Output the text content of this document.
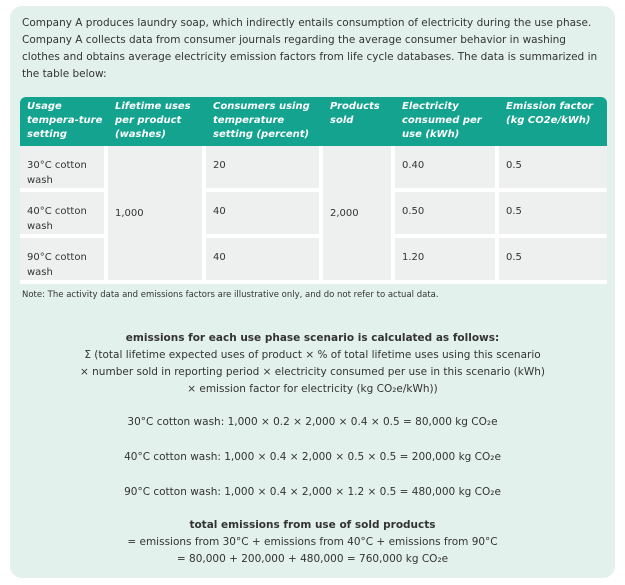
Company A produces laundry soap, which indirectly entails consumption of electricity during the use phase. Company A collects data from consumer journals regarding the average consumer behavior in washing clothes and obtains average electricity emission factors from life cycle databases. The data is summarized in the table below:

Usage tempera-ture setting	Lifetime uses per product (washes)	Consumers using temperature setting (percent)	Products sold	Electricity consumed per use (kWh)	Emission factor (kg CO2e/kWh)
30°C cotton wash	1,000	20	2,000	0.40	0.5
40°C cotton wash		40		0.50	0.5
90°C cotton wash		40		1.20	0.5
Note: The activity data and emissions factors are illustrative only, and do not refer to actual data.
emissions for each use phase scenario is calculated as follows:
Σ (total lifetime expected uses of product × % of total lifetime uses using this scenario
× number sold in reporting period × electricity consumed per use in this scenario (kWh)
× emission factor for electricity (kg CO₂e/kWh))
30°C cotton wash: 1,000 × 0.2 × 2,000 × 0.4 × 0.5 = 80,000 kg CO₂e
40°C cotton wash: 1,000 × 0.4 × 2,000 × 0.5 × 0.5 = 200,000 kg CO₂e
90°C cotton wash: 1,000 × 0.4 × 2,000 × 1.2 × 0.5 = 480,000 kg CO₂e
total emissions from use of sold products
= emissions from 30°C + emissions from 40°C + emissions from 90°C
= 80,000 + 200,000 + 480,000 = 760,000 kg CO₂e
